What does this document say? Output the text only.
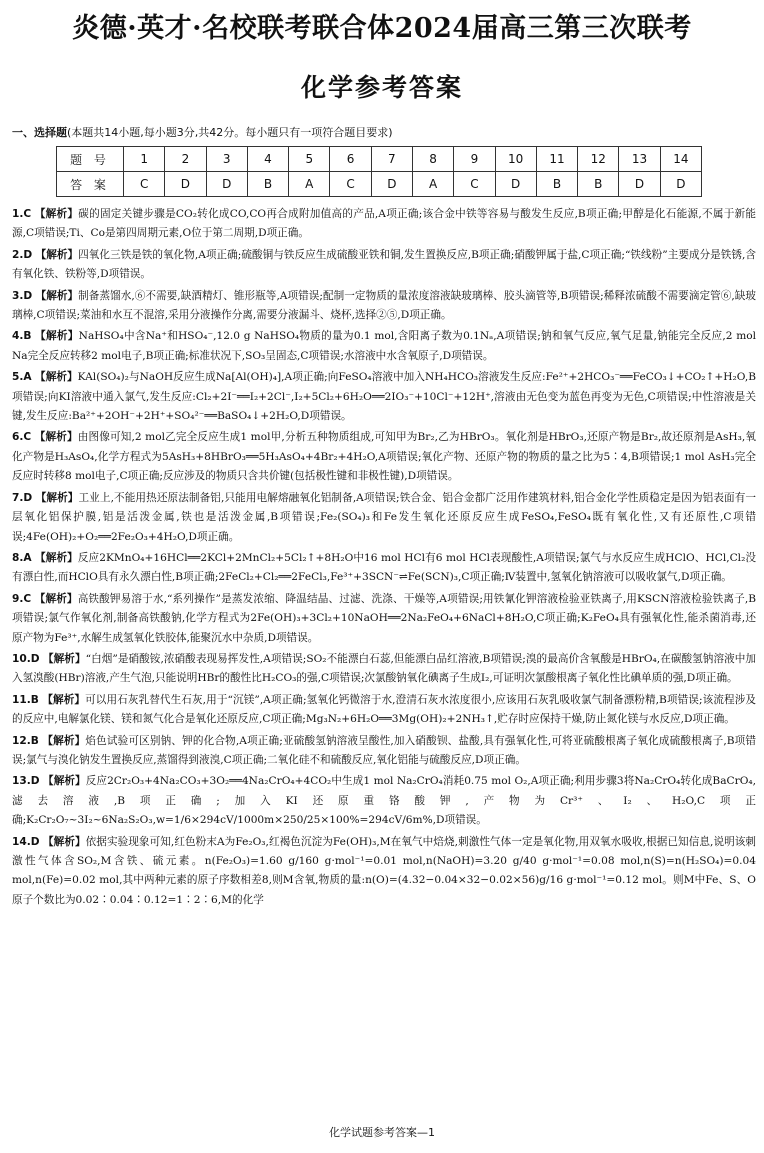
炎德·英才·名校联考联合体2024届高三第三次联考
化学参考答案
一、选择题(本题共14小题,每小题3分,共42分。每小题只有一项符合题目要求)
题 号	1	2	3	4	5	6	7	8	9	10	11	12	13	14
答 案	C	D	D	B	A	C	D	A	C	D	B	B	D	D
1.C 【解析】碳的固定关键步骤是CO₂转化成CO,CO再合成附加值高的产品,A项正确;该合金中铁等容易与酸发生反应,B项正确;甲醇是化石能源,不属于新能源,C项错误;Ti、Co是第四周期元素,O位于第二周期,D项正确。
2.D 【解析】四氧化三铁是铁的氧化物,A项正确;硫酸铜与铁反应生成硫酸亚铁和铜,发生置换反应,B项正确;硝酸钾属于盐,C项正确;“铁线粉”主要成分是铁锈,含有氧化铁、铁粉等,D项错误。
3.D 【解析】制备蒸馏水,⑥不需要,缺酒精灯、锥形瓶等,A项错误;配制一定物质的量浓度溶液缺玻璃棒、胶头滴管等,B项错误;稀释浓硫酸不需要滴定管⑥,缺玻璃棒,C项错误;菜油和水互不混溶,采用分液操作分离,需要分液漏斗、烧杯,选择②⑤,D项正确。
4.B 【解析】NaHSO₄中含Na⁺和HSO₄⁻,12.0 g NaHSO₄物质的量为0.1 mol,含阳离子数为0.1Nₐ,A项错误;钠和氧气反应,氧气足量,钠能完全反应,2 mol Na完全反应转移2 mol电子,B项正确;标准状况下,SO₃呈固态,C项错误;水溶液中水含氧原子,D项错误。
5.A 【解析】KAl(SO₄)₂与NaOH反应生成Na[Al(OH)₄],A项正确;向FeSO₄溶液中加入NH₄HCO₃溶液发生反应:Fe²⁺+2HCO₃⁻══FeCO₃↓+CO₂↑+H₂O,B项错误;向KI溶液中通入氯气,发生反应:Cl₂+2I⁻══I₂+2Cl⁻,I₂+5Cl₂+6H₂O══2IO₃⁻+10Cl⁻+12H⁺,溶液由无色变为蓝色再变为无色,C项错误;中性溶液是关键,发生反应:Ba²⁺+2OH⁻+2H⁺+SO₄²⁻══BaSO₄↓+2H₂O,D项错误。
6.C 【解析】由图像可知,2 mol乙完全反应生成1 mol甲,分析五种物质组成,可知甲为Br₂,乙为HBrO₃。氧化剂是HBrO₃,还原产物是Br₂,故还原剂是AsH₃,氧化产物是H₃AsO₄,化学方程式为5AsH₃+8HBrO₃══5H₃AsO₄+4Br₂+4H₂O,A项错误;氧化产物、还原产物的物质的量之比为5∶4,B项错误;1 mol AsH₃完全反应时转移8 mol电子,C项正确;反应涉及的物质只含共价键(包括极性键和非极性键),D项错误。
7.D 【解析】工业上,不能用热还原法制备铝,只能用电解熔融氧化铝制备,A项错误;铁合金、铝合金都广泛用作建筑材料,铝合金化学性质稳定是因为铝表面有一层氧化铝保护膜,铝是活泼金属,铁也是活泼金属,B项错误;Fe₂(SO₄)₃和Fe发生氧化还原反应生成FeSO₄,FeSO₄既有氧化性,又有还原性,C项错误;4Fe(OH)₂+O₂══2Fe₂O₃+4H₂O,D项正确。
8.A 【解析】反应2KMnO₄+16HCl══2KCl+2MnCl₂+5Cl₂↑+8H₂O中16 mol HCl有6 mol HCl表现酸性,A项错误;氯气与水反应生成HClO、HCl,Cl₂没有漂白性,而HClO具有永久漂白性,B项正确;2FeCl₂+Cl₂══2FeCl₃,Fe³⁺+3SCN⁻⇌Fe(SCN)₃,C项正确;Ⅳ装置中,氢氧化钠溶液可以吸收氯气,D项正确。
9.C 【解析】高铁酸钾易溶于水,“系列操作”是蒸发浓缩、降温结晶、过滤、洗涤、干燥等,A项错误;用铁氰化钾溶液检验亚铁离子,用KSCN溶液检验铁离子,B项错误;氯气作氧化剂,制备高铁酸钠,化学方程式为2Fe(OH)₃+3Cl₂+10NaOH══2Na₂FeO₄+6NaCl+8H₂O,C项正确;K₂FeO₄具有强氧化性,能杀菌消毒,还原产物为Fe³⁺,水解生成氢氧化铁胶体,能聚沉水中杂质,D项错误。
10.D 【解析】“白烟”是硝酸铵,浓硝酸表现易挥发性,A项错误;SO₂不能漂白石蕊,但能漂白品红溶液,B项错误;溴的最高价含氧酸是HBrO₄,在碳酸氢钠溶液中加入氢溴酸(HBr)溶液,产生气泡,只能说明HBr的酸性比H₂CO₃的强,C项错误;次氯酸钠氧化碘离子生成I₂,可证明次氯酸根离子氧化性比碘单质的强,D项正确。
11.B 【解析】可以用石灰乳替代生石灰,用于“沉镁”,A项正确;氢氧化钙微溶于水,澄清石灰水浓度很小,应该用石灰乳吸收氯气制备漂粉精,B项错误;该流程涉及的反应中,电解氯化镁、镁和氮气化合是氧化还原反应,C项正确;Mg₃N₂+6H₂O══3Mg(OH)₂+2NH₃↑,贮存时应保持干燥,防止氮化镁与水反应,D项正确。
12.B 【解析】焰色试验可区别钠、钾的化合物,A项正确;亚硫酸氢钠溶液呈酸性,加入硝酸钡、盐酸,具有强氧化性,可将亚硫酸根离子氧化成硫酸根离子,B项错误;氯气与溴化钠发生置换反应,蒸馏得到液溴,C项正确;二氧化硅不和硫酸反应,氧化铝能与硫酸反应,D项正确。
13.D 【解析】反应2Cr₂O₃+4Na₂CO₃+3O₂══4Na₂CrO₄+4CO₂中生成1 mol Na₂CrO₄消耗0.75 mol O₂,A项正确;利用步骤3将Na₂CrO₄转化成BaCrO₄,滤去溶液,B项正确;加入KI还原重铬酸钾,产物为Cr³⁺、I₂、H₂O,C项正确;K₂Cr₂O₇~3I₂~6Na₂S₂O₃,w=1/6×294cV/1000m×250/25×100%=294cV/6m%,D项错误。
14.D 【解析】依据实验现象可知,红色粉末A为Fe₂O₃,红褐色沉淀为Fe(OH)₃,M在氧气中焙烧,刺激性气体一定是氧化物,用双氧水吸收,根据已知信息,说明该刺激性气体含SO₂,M含铁、硫元素。n(Fe₂O₃)=1.60 g/160 g·mol⁻¹=0.01 mol,n(NaOH)=3.20 g/40 g·mol⁻¹=0.08 mol,n(S)=n(H₂SO₄)=0.04 mol,n(Fe)=0.02 mol,其中两种元素的原子序数相差8,则M含氧,物质的量:n(O)=(4.32−0.04×32−0.02×56)g/16 g·mol⁻¹=0.12 mol。则M中Fe、S、O原子个数比为0.02∶0.04∶0.12=1∶2∶6,M的化学
化学试题参考答案—1
